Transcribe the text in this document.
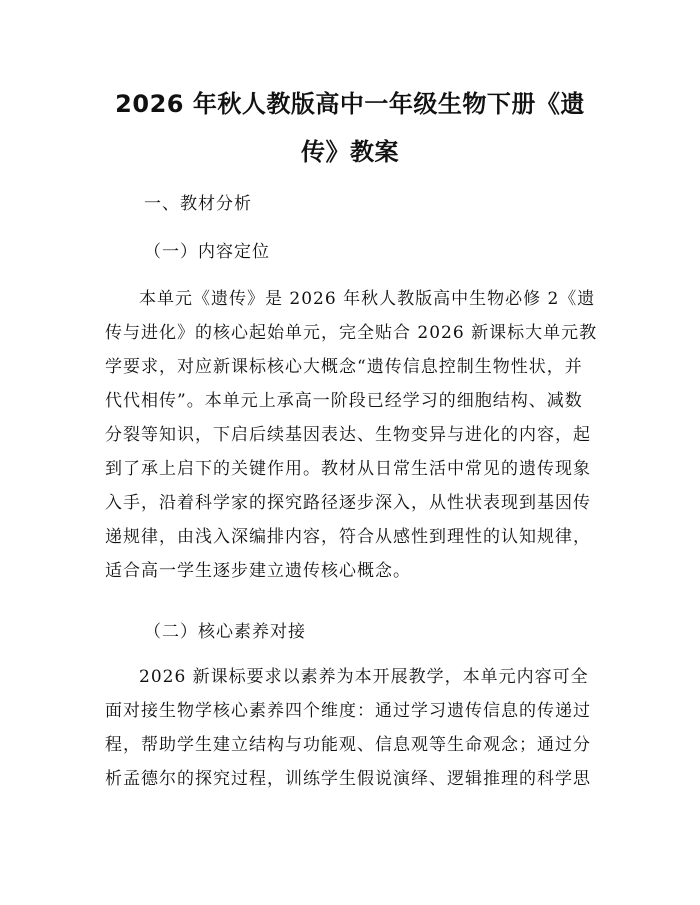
2026 年秋人教版高中一年级生物下册《遗
传》教案
一、教材分析
（一）内容定位
本单元《遗传》是 2026 年秋人教版高中生物必修 2《遗
传与进化》的核心起始单元，完全贴合 2026 新课标大单元教
学要求，对应新课标核心大概念“遗传信息控制生物性状，并
代代相传”。本单元上承高一阶段已经学习的细胞结构、减数
分裂等知识，下启后续基因表达、生物变异与进化的内容，起
到了承上启下的关键作用。教材从日常生活中常见的遗传现象
入手，沿着科学家的探究路径逐步深入，从性状表现到基因传
递规律，由浅入深编排内容，符合从感性到理性的认知规律，
适合高一学生逐步建立遗传核心概念。
（二）核心素养对接
2026 新课标要求以素养为本开展教学，本单元内容可全
面对接生物学核心素养四个维度：通过学习遗传信息的传递过
程，帮助学生建立结构与功能观、信息观等生命观念；通过分
析孟德尔的探究过程，训练学生假说演绎、逻辑推理的科学思
